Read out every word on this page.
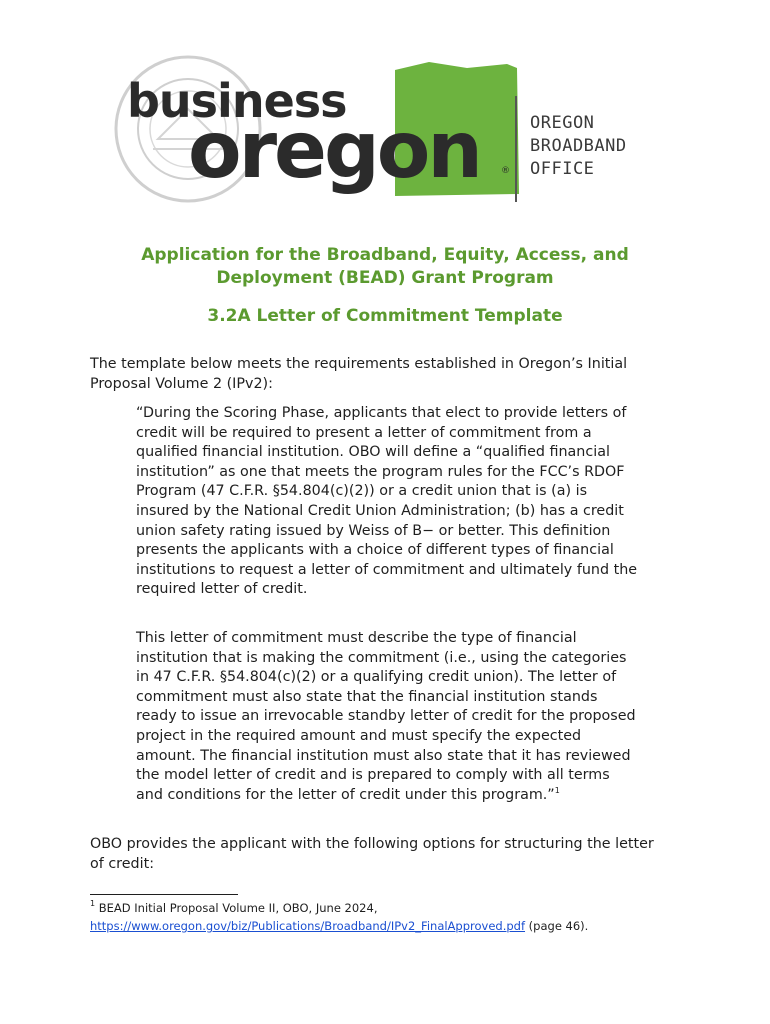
business
oregon ®
OREGON
BROADBAND
OFFICE
Application for the Broadband, Equity, Access, and Deployment (BEAD) Grant Program
3.2A Letter of Commitment Template
The template below meets the requirements established in Oregon’s Initial Proposal Volume 2 (IPv2):
“During the Scoring Phase, applicants that elect to provide letters of credit will be required to present a letter of commitment from a qualified financial institution. OBO will define a “qualified financial institution” as one that meets the program rules for the FCC’s RDOF Program (47 C.F.R. §54.804(c)(2)) or a credit union that is (a) is insured by the National Credit Union Administration; (b) has a credit union safety rating issued by Weiss of B− or better. This definition presents the applicants with a choice of different types of financial institutions to request a letter of commitment and ultimately fund the required letter of credit.
This letter of commitment must describe the type of financial institution that is making the commitment (i.e., using the categories in 47 C.F.R. §54.804(c)(2) or a qualifying credit union). The letter of commitment must also state that the financial institution stands ready to issue an irrevocable standby letter of credit for the proposed project in the required amount and must specify the expected amount. The financial institution must also state that it has reviewed the model letter of credit and is prepared to comply with all terms and conditions for the letter of credit under this program.”$^1$
OBO provides the applicant with the following options for structuring the letter of credit:
$^1$ BEAD Initial Proposal Volume II, OBO, June 2024,
https://www.oregon.gov/biz/Publications/Broadband/IPv2_FinalApproved.pdf (page 46).
